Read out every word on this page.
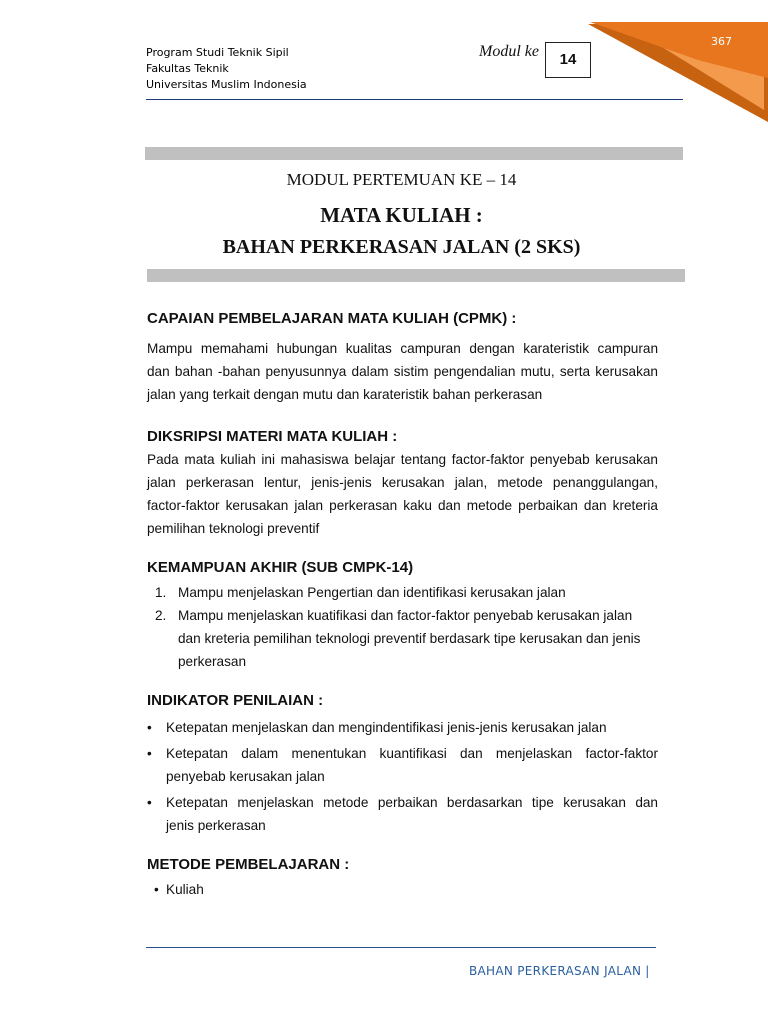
Program Studi Teknik Sipil
Fakultas Teknik
Universitas Muslim Indonesia
Modul ke	14
367
MODUL PERTEMUAN KE – 14
MATA KULIAH :
BAHAN PERKERASAN JALAN (2 SKS)
CAPAIAN PEMBELAJARAN MATA KULIAH (CPMK) :
Mampu memahami hubungan kualitas campuran dengan karateristik campuran
dan bahan -bahan penyusunnya dalam sistim pengendalian mutu, serta kerusakan
jalan yang terkait dengan mutu dan karateristik bahan perkerasan
DIKSRIPSI MATERI MATA KULIAH :
Pada mata kuliah ini mahasiswa belajar tentang factor-faktor penyebab kerusakan
jalan perkerasan lentur, jenis-jenis kerusakan jalan, metode penanggulangan,
factor-faktor kerusakan jalan perkerasan kaku dan metode perbaikan dan kreteria
pemilihan teknologi preventif
KEMAMPUAN AKHIR (SUB CMPK-14)
1. Mampu menjelaskan Pengertian dan identifikasi kerusakan jalan
2. Mampu menjelaskan kuatifikasi dan factor-faktor penyebab kerusakan jalan
dan kreteria pemilihan teknologi preventif berdasark tipe kerusakan dan jenis
perkerasan
INDIKATOR PENILAIAN :
• Ketepatan menjelaskan dan mengindentifikasi jenis-jenis kerusakan jalan
• Ketepatan dalam menentukan kuantifikasi dan menjelaskan factor-faktor
penyebab kerusakan jalan
• Ketepatan menjelaskan metode perbaikan berdasarkan tipe kerusakan dan
jenis perkerasan
METODE PEMBELAJARAN :
• Kuliah
BAHAN PERKERASAN JALAN |
